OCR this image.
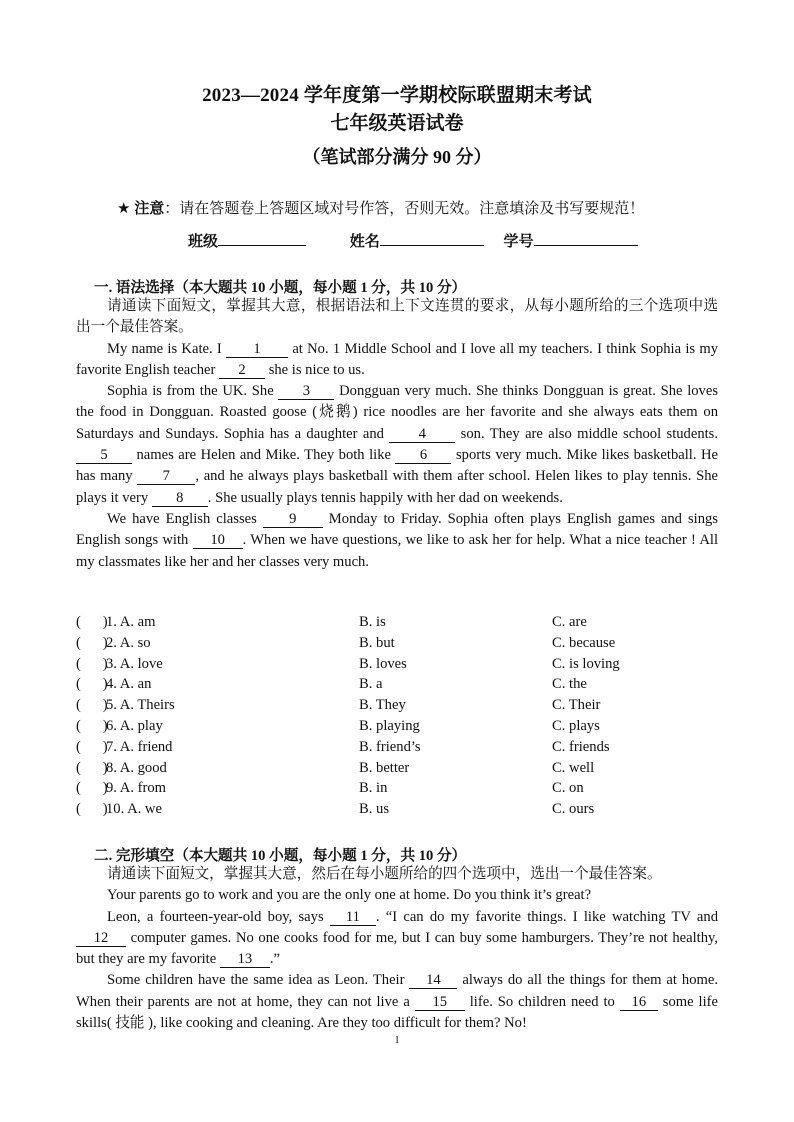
2023—2024 学年度第一学期校际联盟期末考试
七年级英语试卷
（笔试部分满分 90 分）
★ 注意：请在答题卷上答题区域对号作答，否则无效。注意填涂及书写要规范！
班级	姓名	学号
一. 语法选择（本大题共 10 小题，每小题 1 分，共 10 分）

请通读下面短文，掌握其大意，根据语法和上下文连贯的要求，从每小题所给的三个选项中选出一个最佳答案。

My name is Kate. I 1 at No. 1 Middle School and I love all my teachers. I think Sophia is my favorite English teacher 2 she is nice to us.

Sophia is from the UK. She 3 Dongguan very much. She thinks Dongguan is great. She loves the food in Dongguan. Roasted goose (烧鹅) rice noodles are her favorite and she always eats them on Saturdays and Sundays. Sophia has a daughter and 4 son. They are also middle school students. 5 names are Helen and Mike. They both like 6 sports very much. Mike likes basketball. He has many 7 , and he always plays basketball with them after school. Helen likes to play tennis. She plays it very 8 . She usually plays tennis happily with her dad on weekends.

We have English classes 9 Monday to Friday. Sophia often plays English games and sings English songs with 10 . When we have questions, we like to ask her for help. What a nice teacher ! All my classmates like her and her classes very much.

(      )
1. A. am	B. is	C. are
(      )
2. A. so	B. but	C. because
(      )
3. A. love	B. loves	C. is loving
(      )
4. A. an	B. a	C. the
(      )
5. A. Theirs	B. They	C. Their
(      )
6. A. play	B. playing	C. plays
(      )
7. A. friend	B. friend’s	C. friends
(      )
8. A. good	B. better	C. well
(      )
9. A. from	B. in	C. on
(      )
10. A. we	B. us	C. ours
二. 完形填空（本大题共 10 小题，每小题 1 分，共 10 分）

请通读下面短文，掌握其大意，然后在每小题所给的四个选项中，选出一个最佳答案。

Your parents go to work and you are the only one at home. Do you think it’s great?

Leon, a fourteen-year-old boy, says 11 . “I can do my favorite things. I like watching TV and 12 computer games. No one cooks food for me, but I can buy some hamburgers. They’re not healthy, but they are my favorite 13 .”

Some children have the same idea as Leon. Their 14 always do all the things for them at home. When their parents are not at home, they can not live a 15 life. So children need to 16 some life skills( 技能 ), like cooking and cleaning. Are they too difficult for them? No!

1
